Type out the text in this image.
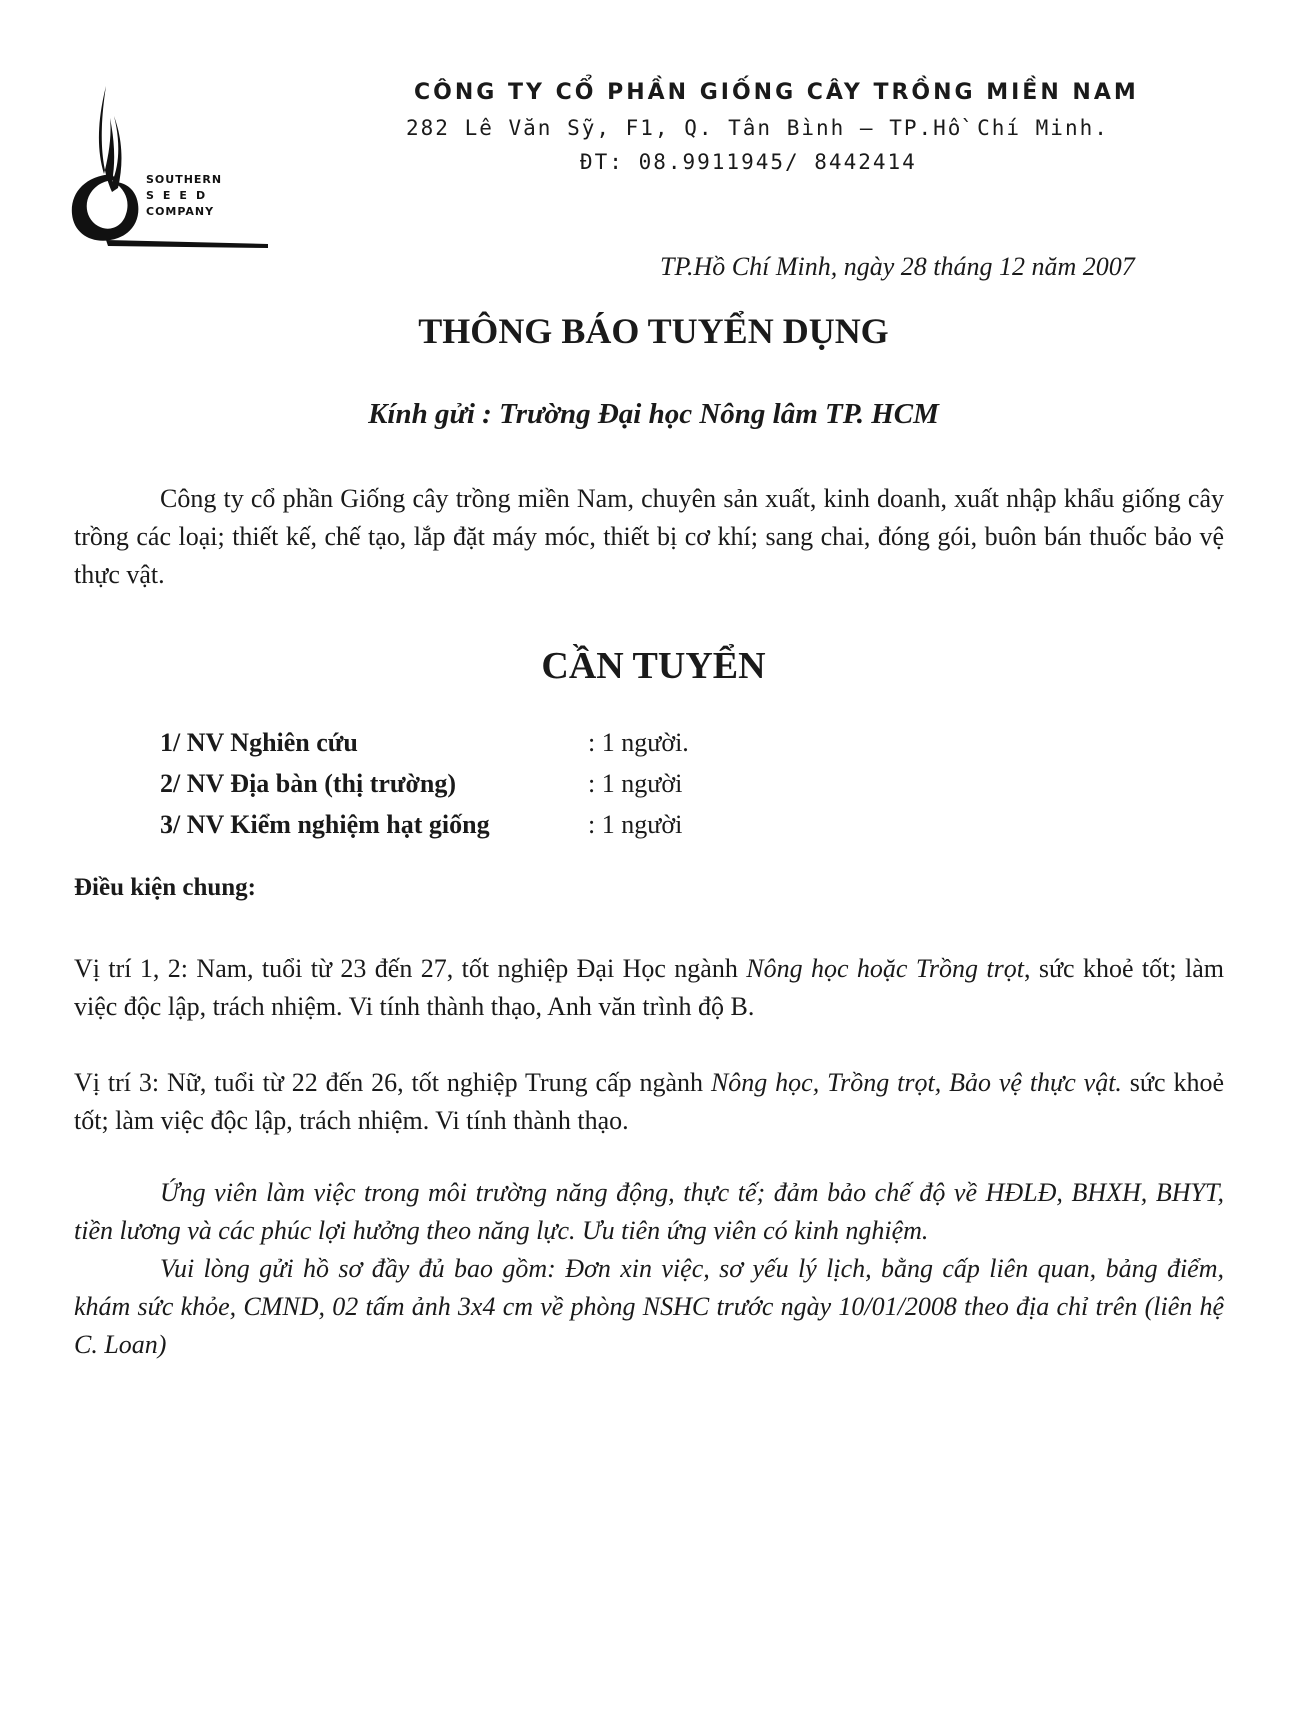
SOUTHERN
SEED
COMPANY
CÔNG TY CỔ PHẦN GIỐNG CÂY TRỒNG MIỀN NAM
282 Lê Văn Sỹ, F1, Q. Tân Bình – TP.Hồ Chí Minh.
ĐT: 08.9911945/ 8442414
TP.Hồ Chí Minh, ngày 28 tháng 12 năm 2007
THÔNG BÁO TUYỂN DỤNG
Kính gửi : Trường Đại học Nông lâm TP. HCM

Công ty cổ phần Giống cây trồng miền Nam, chuyên sản xuất, kinh doanh, xuất nhập khẩu giống cây trồng các loại; thiết kế, chế tạo, lắp đặt máy móc, thiết bị cơ khí; sang chai, đóng gói, buôn bán thuốc bảo vệ thực vật.

CẦN TUYỂN
1/ NV Nghiên cứu	: 1 người.
2/ NV Địa bàn (thị trường)	: 1 người
3/ NV Kiểm nghiệm hạt giống	: 1 người
Điều kiện chung:

Vị trí 1, 2: Nam, tuổi từ 23 đến 27, tốt nghiệp Đại Học ngành Nông học hoặc Trồng trọt, sức khoẻ tốt; làm việc độc lập, trách nhiệm. Vi tính thành thạo, Anh văn trình độ B.

Vị trí 3: Nữ, tuổi từ 22 đến 26, tốt nghiệp Trung cấp ngành Nông học, Trồng trọt, Bảo vệ thực vật. sức khoẻ tốt; làm việc độc lập, trách nhiệm. Vi tính thành thạo.

Ứng viên làm việc trong môi trường năng động, thực tế; đảm bảo chế độ về HĐLĐ, BHXH, BHYT, tiền lương và các phúc lợi hưởng theo năng lực. Ưu tiên ứng viên có kinh nghiệm.

Vui lòng gửi hồ sơ đầy đủ bao gồm: Đơn xin việc, sơ yếu lý lịch, bằng cấp liên quan, bảng điểm, khám sức khỏe, CMND, 02 tấm ảnh 3x4 cm về phòng NSHC trước ngày 10/01/2008 theo địa chỉ trên (liên hệ C. Loan)
